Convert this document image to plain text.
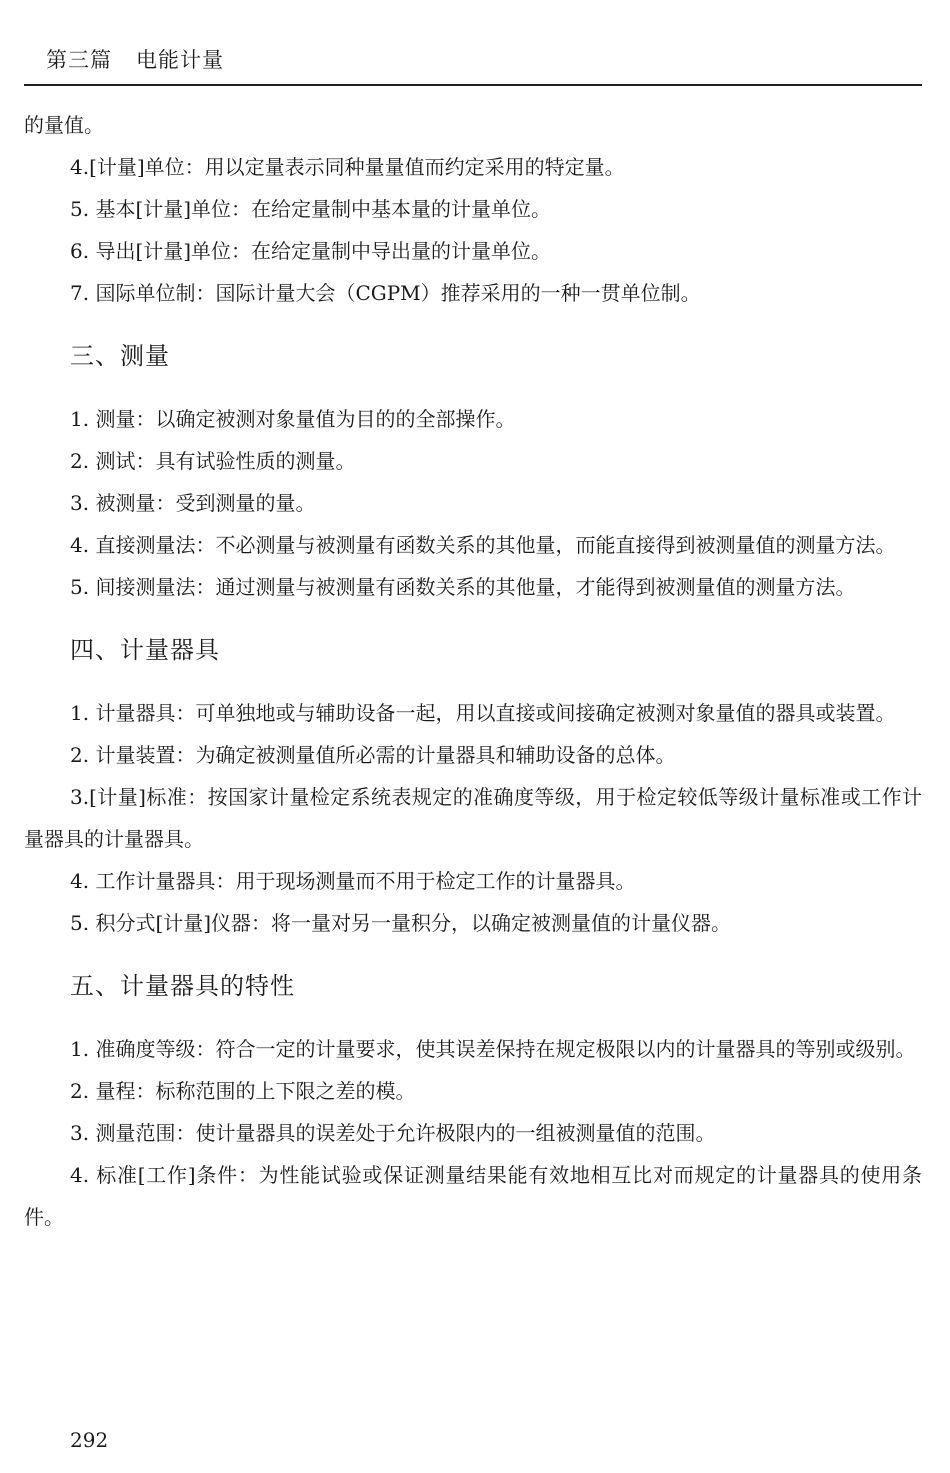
第三篇 电能计量

的量值。

4.[计量]单位：用以定量表示同种量量值而约定采用的特定量。

5. 基本[计量]单位：在给定量制中基本量的计量单位。

6. 导出[计量]单位：在给定量制中导出量的计量单位。

7. 国际单位制：国际计量大会（CGPM）推荐采用的一种一贯单位制。

三、测量

1. 测量：以确定被测对象量值为目的的全部操作。

2. 测试：具有试验性质的测量。

3. 被测量：受到测量的量。

4. 直接测量法：不必测量与被测量有函数关系的其他量，而能直接得到被测量值的测量方法。

5. 间接测量法：通过测量与被测量有函数关系的其他量，才能得到被测量值的测量方法。

四、计量器具

1. 计量器具：可单独地或与辅助设备一起，用以直接或间接确定被测对象量值的器具或装置。

2. 计量装置：为确定被测量值所必需的计量器具和辅助设备的总体。

3.[计量]标准：按国家计量检定系统表规定的准确度等级，用于检定较低等级计量标准或工作计量器具的计量器具。

4. 工作计量器具：用于现场测量而不用于检定工作的计量器具。

5. 积分式[计量]仪器：将一量对另一量积分，以确定被测量值的计量仪器。

五、计量器具的特性

1. 准确度等级：符合一定的计量要求，使其误差保持在规定极限以内的计量器具的等别或级别。

2. 量程：标称范围的上下限之差的模。

3. 测量范围：使计量器具的误差处于允许极限内的一组被测量值的范围。

4. 标准[工作]条件：为性能试验或保证测量结果能有效地相互比对而规定的计量器具的使用条件。

292
